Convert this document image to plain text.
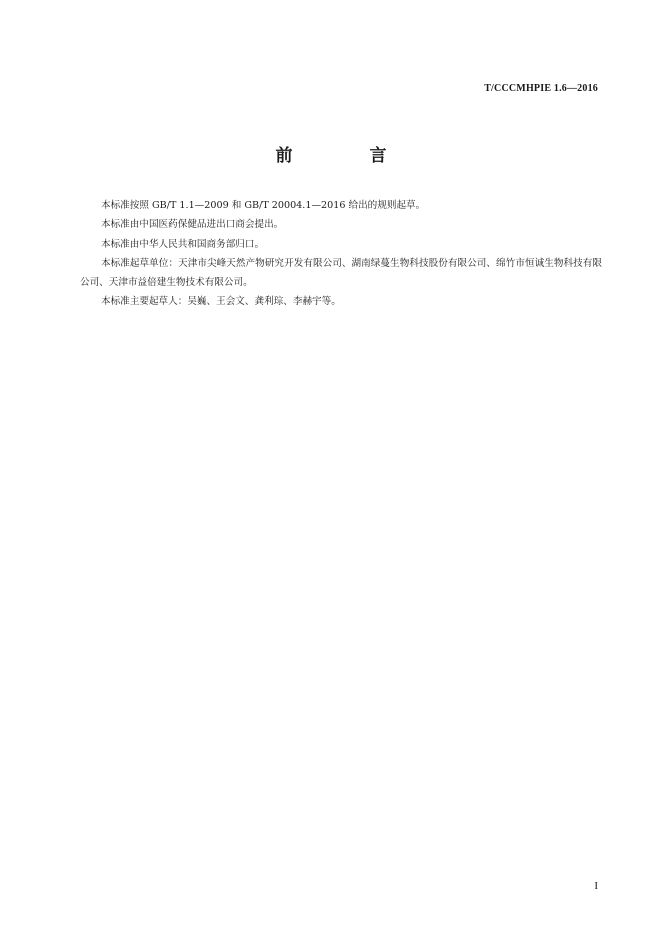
T/CCCMHPIE 1.6—2016
前　言

本标准按照 GB/T 1.1—2009 和 GB/T 20004.1—2016 给出的规则起草。

本标准由中国医药保健品进出口商会提出。

本标准由中华人民共和国商务部归口。

本标准起草单位：天津市尖峰天然产物研究开发有限公司、湖南绿蔓生物科技股份有限公司、绵竹市恒诚生物科技有限公司、天津市益倍建生物技术有限公司。

本标准主要起草人：吴巍、王会文、龚利琮、李赫宇等。

I
